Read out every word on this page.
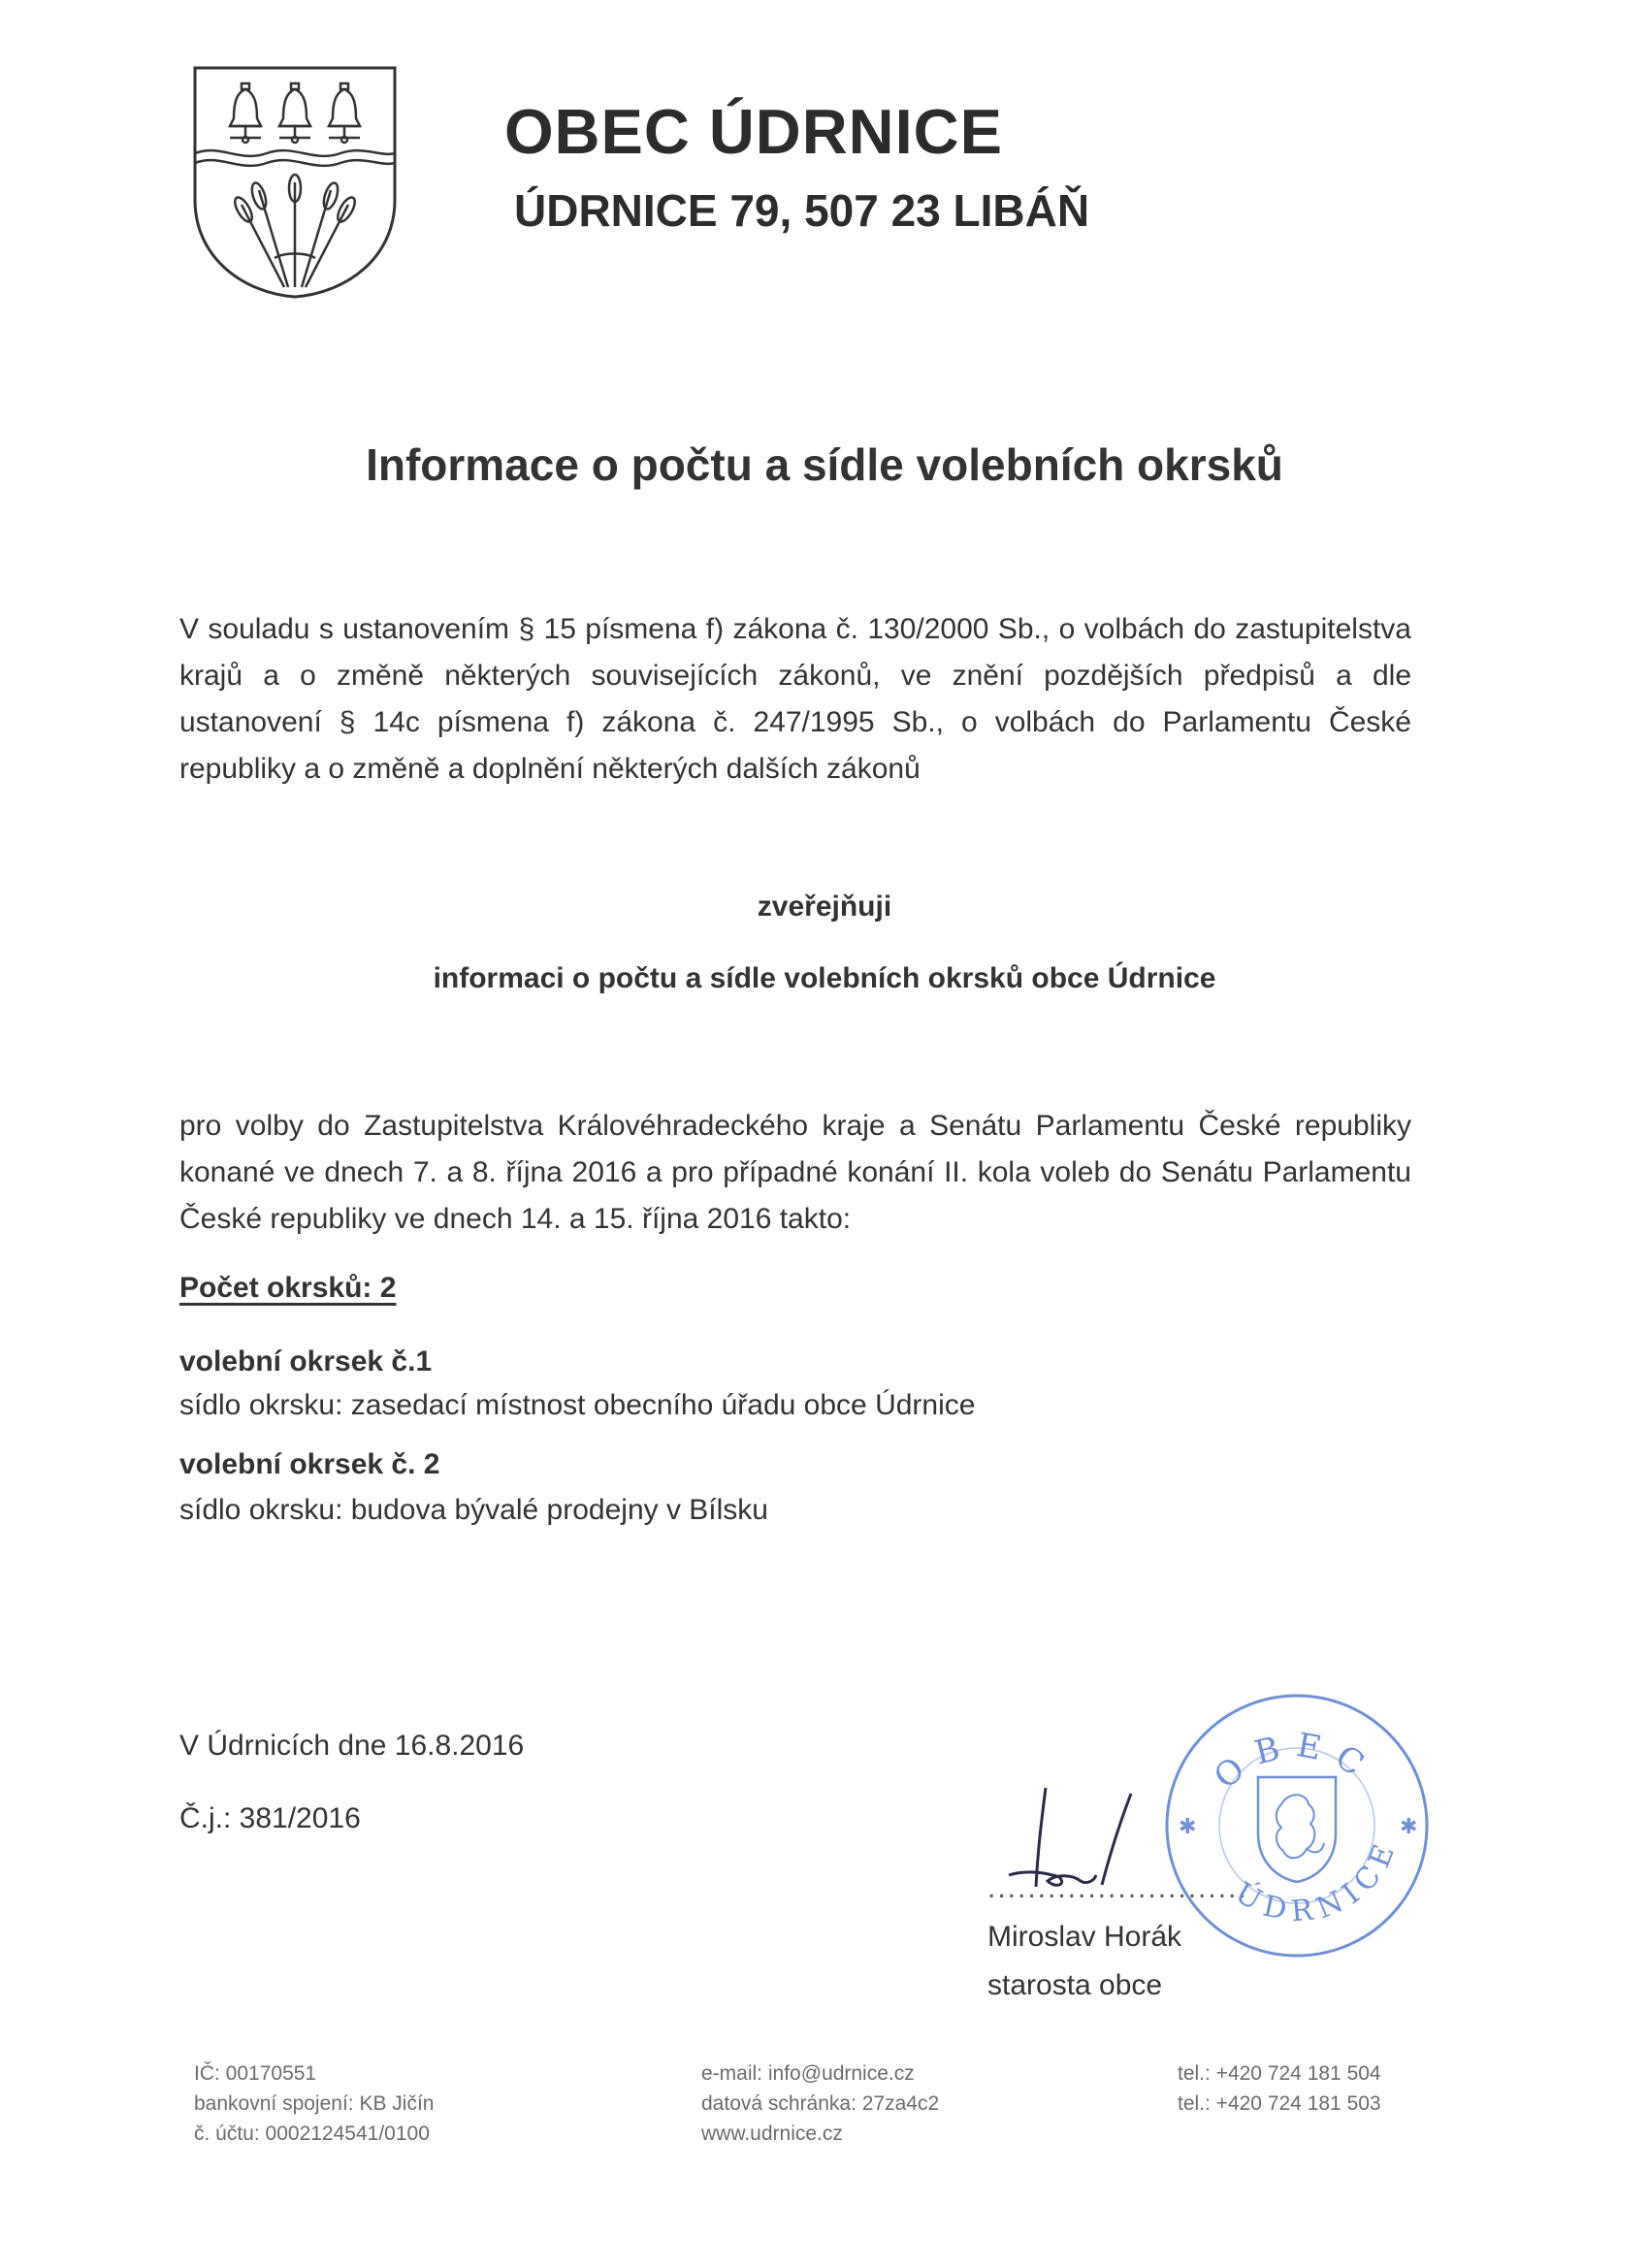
OBEC ÚDRNICE
ÚDRNICE 79, 507 23 LIBÁŇ
Informace o počtu a sídle volebních okrsků
V souladu s ustanovením § 15 písmena f) zákona č. 130/2000 Sb., o volbách do zastupitelstva
krajů a o změně některých souvisejících zákonů, ve znění pozdějších předpisů a dle
ustanovení § 14c písmena f) zákona č. 247/1995 Sb., o volbách do Parlamentu České
republiky a o změně a doplnění některých dalších zákonů

zveřejňuji

informaci o počtu a sídle volebních okrsků obce Údrnice

pro volby do Zastupitelstva Královéhradeckého kraje a Senátu Parlamentu České republiky
konané ve dnech 7. a 8. října 2016 a pro případné konání II. kola voleb do Senátu Parlamentu
České republiky ve dnech 14. a 15. října 2016 takto:

Počet okrsků: 2

volební okrsek č.1

sídlo okrsku: zasedací místnost obecního úřadu obce Údrnice

volební okrsek č. 2

sídlo okrsku: budova bývalé prodejny v Bílsku

V Údrnicích dne 16.8.2016

Č.j.: 381/2016

..........................
OBEC
ÚDRNICE
✱	✱

Miroslav Horák

starosta obce

IČ: 00170551
bankovní spojení: KB Jičín
č. účtu: 0002124541/0100
e-mail: info@udrnice.cz
datová schránka: 27za4c2
www.udrnice.cz
tel.: +420 724 181 504
tel.: +420 724 181 503
